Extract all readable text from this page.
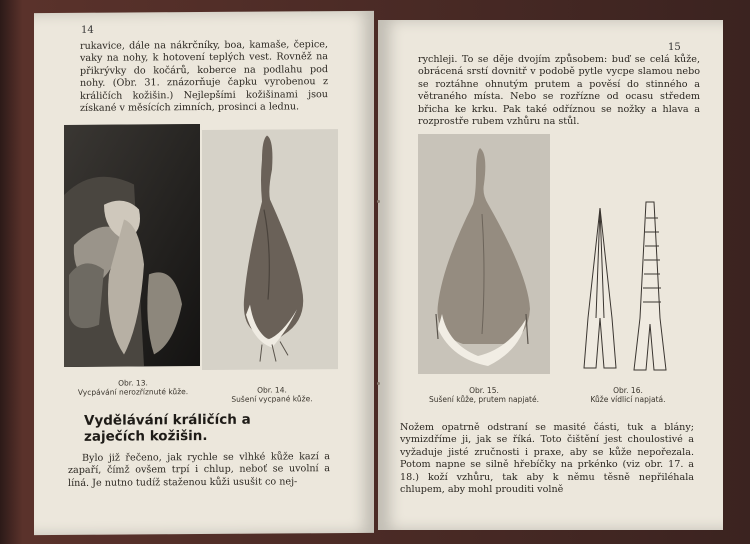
14

rukavice, dále na nákrčníky, boa, kamaše, čepice, vaky na nohy, k hotovení teplých vest. Rovněž na přikrývky do kočárů, koberce na podlahu pod nohy. (Obr. 31. znázorňuje čapku vyrobenou z králičích kožišin.) Nejlepšími kožišinami jsou získané v měsících zimních, prosinci a lednu.

Obr. 13.
Vycpávání nerozříznuté kůže.	Obr. 14.
Sušení vycpané kůže.
Vydělávání králičích a zaječích kožišin.

Bylo již řečeno, jak rychle se vlhké kůže kazí a zapaří, čímž ovšem trpí i chlup, neboť se uvolní a líná. Je nutno tudíž staženou kůži usušit co nej-

15

rychleji. To se děje dvojím způsobem: buď se celá kůže, obrácená srstí dovnitř v podobě pytle vycpe slamou nebo se roztáhne ohnutým prutem a pověsí do stinného a větraného místa. Nebo se rozřízne od ocasu středem břicha ke krku. Pak také odříznou se nožky a hlava a rozprostře rubem vzhůru na stůl.

Obr. 15.
Sušení kůže, prutem napjaté.
Obr. 16.
Kůže vídlicí napjatá.

Nožem opatrně odstraní se masité části, tuk a blány; vymizdříme ji, jak se říká. Toto čištění jest choulostivé a vyžaduje jisté zručnosti i praxe, aby se kůže nepořezala. Potom napne se silně hřebíčky na prkénko (viz obr. 17. a 18.) koží vzhůru, tak aby k němu těsně nepřiléhala chlupem, aby mohl prouditi volně
